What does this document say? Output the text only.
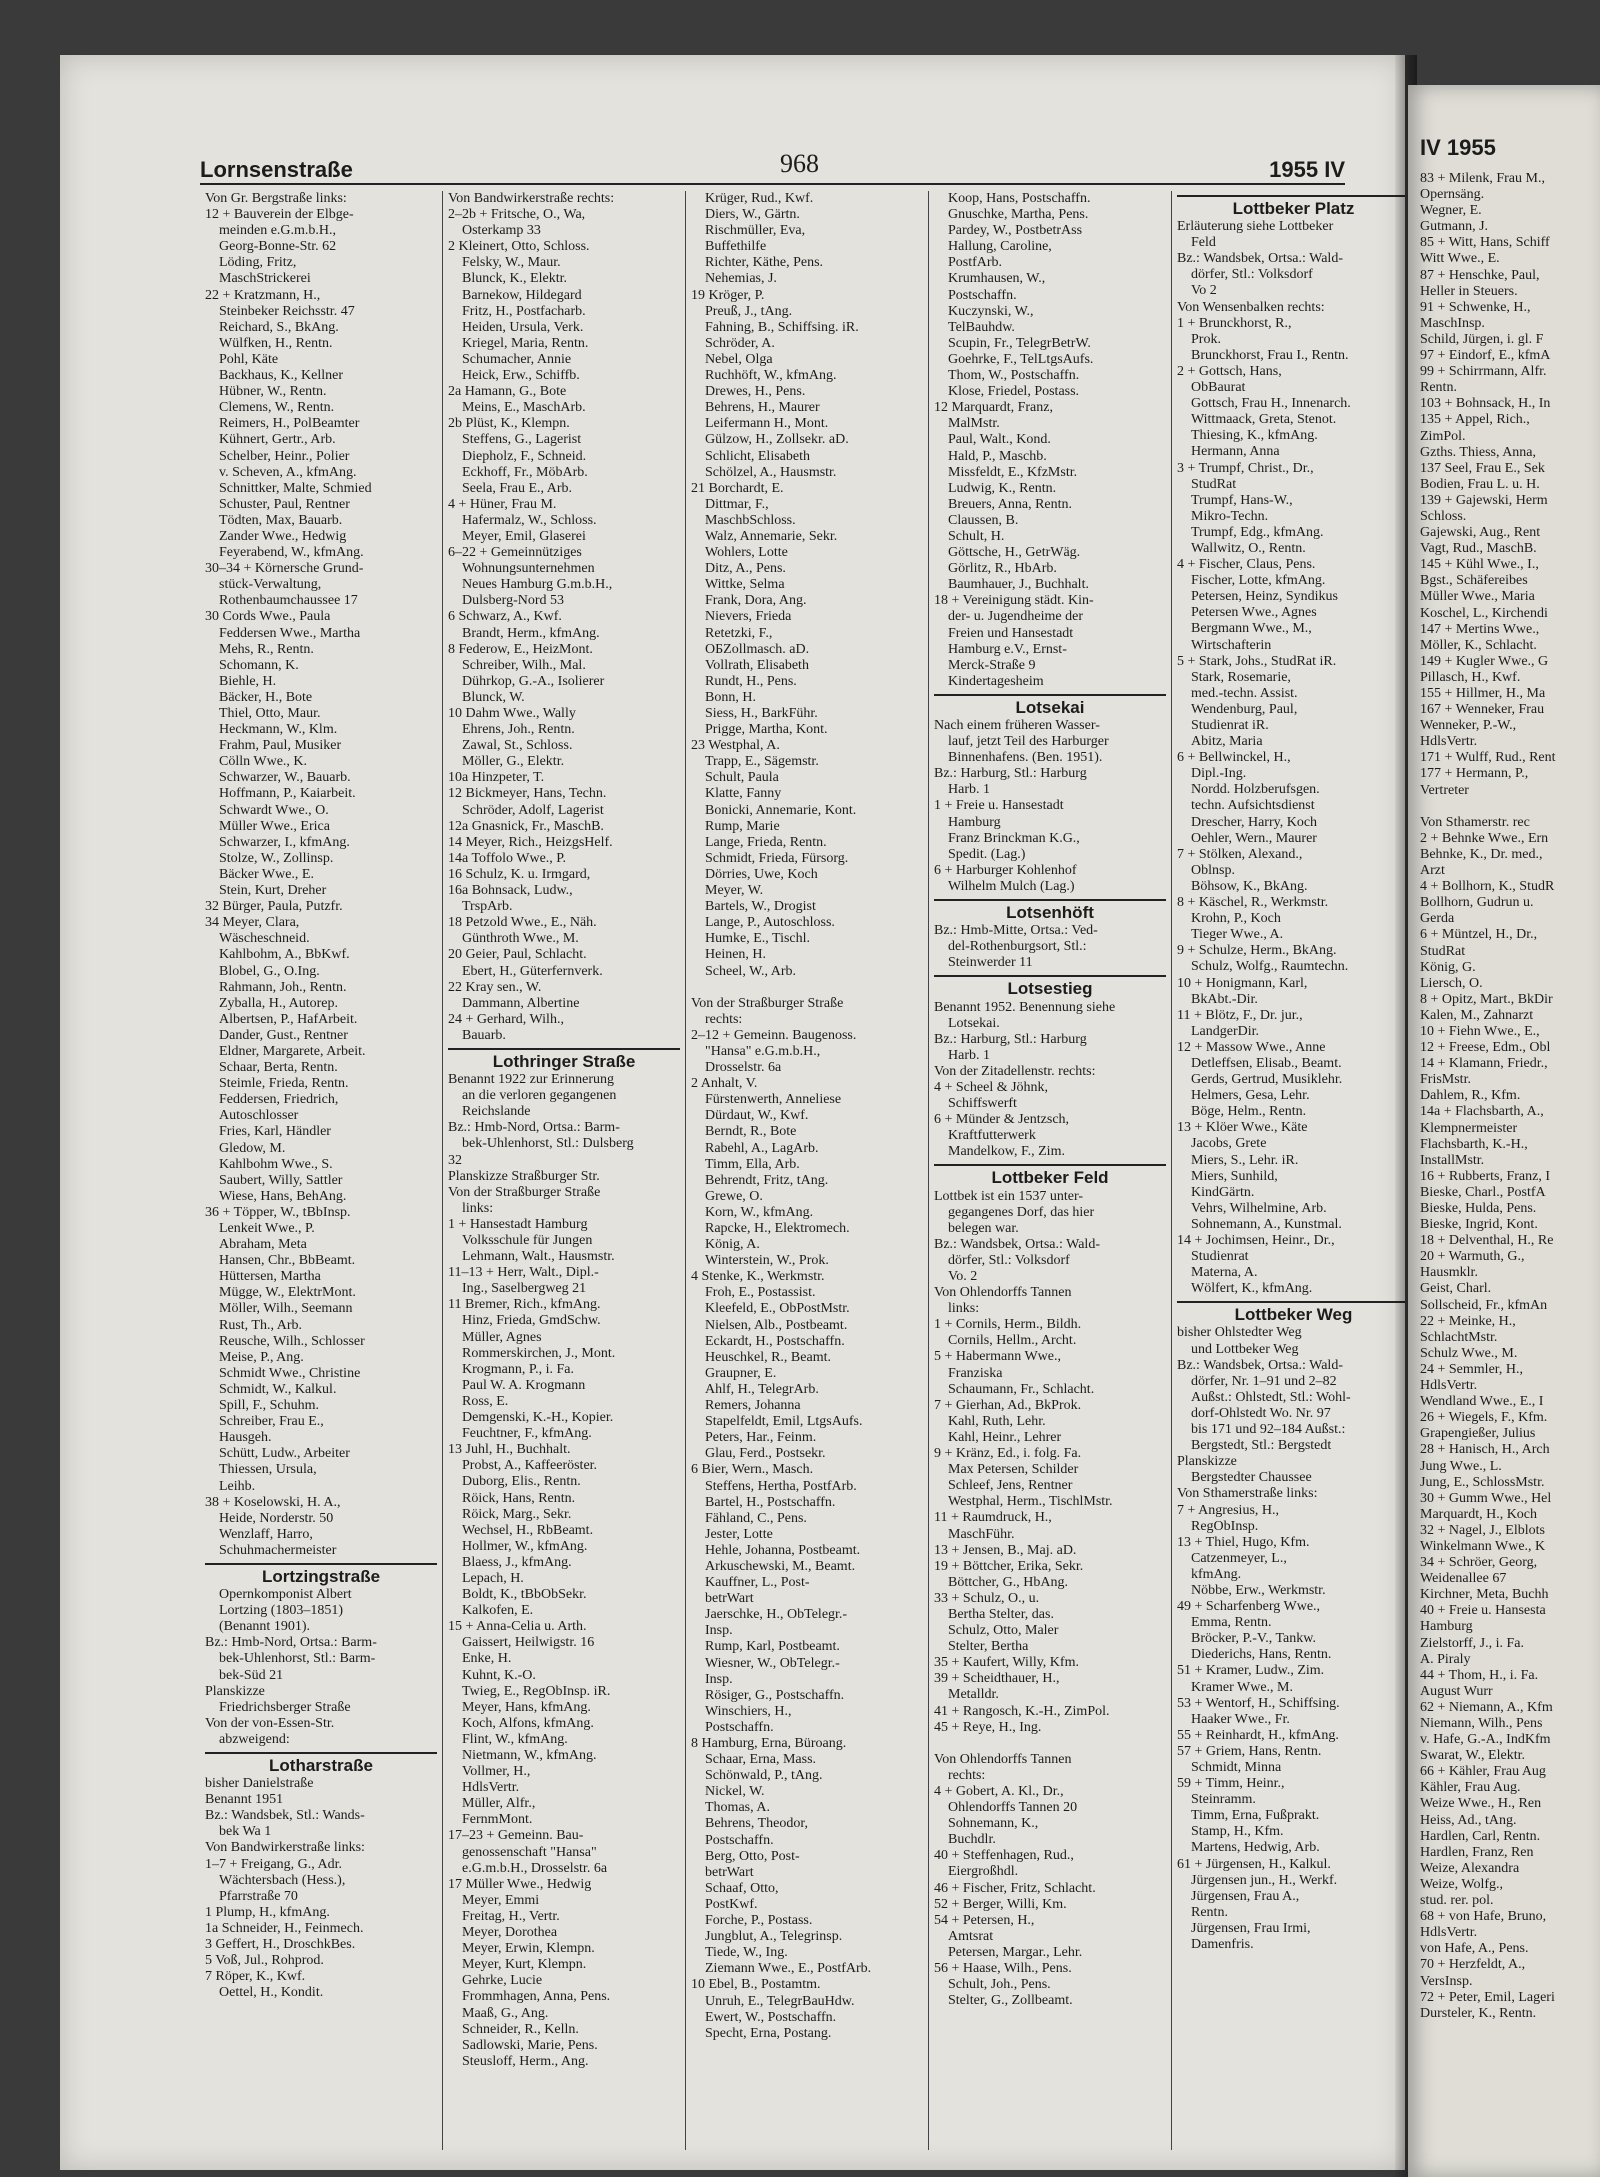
Lornsenstraße	968	1955 IV
Von Gr. Bergstraße links:
12 + Bauverein der Elbge-
meinden e.G.m.b.H.,
Georg-Bonne-Str. 62
Löding, Fritz,
MaschStrickerei
22 + Kratzmann, H.,
Steinbeker Reichsstr. 47
Reichard, S., BkAng.
Wülfken, H., Rentn.
Pohl, Käte
Backhaus, K., Kellner
Hübner, W., Rentn.
Clemens, W., Rentn.
Reimers, H., PolBeamter
Kühnert, Gertr., Arb.
Schelber, Heinr., Polier
v. Scheven, A., kfmAng.
Schnittker, Malte, Schmied
Schuster, Paul, Rentner
Tödten, Max, Bauarb.
Zander Wwe., Hedwig
Feyerabend, W., kfmAng.
30–34 + Körnersche Grund-
stück-Verwaltung,
Rothenbaumchaussee 17
30 Cords Wwe., Paula
Feddersen Wwe., Martha
Mehs, R., Rentn.
Schomann, K.
Biehle, H.
Bäcker, H., Bote
Thiel, Otto, Maur.
Heckmann, W., Klm.
Frahm, Paul, Musiker
Cölln Wwe., K.
Schwarzer, W., Bauarb.
Hoffmann, P., Kaiarbeit.
Schwardt Wwe., O.
Müller Wwe., Erica
Schwarzer, I., kfmAng.
Stolze, W., Zollinsp.
Bäcker Wwe., E.
Stein, Kurt, Dreher
32 Bürger, Paula, Putzfr.
34 Meyer, Clara,
Wäscheschneid.
Kahlbohm, A., BbKwf.
Blobel, G., O.Ing.
Rahmann, Joh., Rentn.
Zyballa, H., Autorep.
Albertsen, P., HafArbeit.
Dander, Gust., Rentner
Eldner, Margarete, Arbeit.
Schaar, Berta, Rentn.
Steimle, Frieda, Rentn.
Feddersen, Friedrich,
Autoschlosser
Fries, Karl, Händler
Gledow, M.
Kahlbohm Wwe., S.
Saubert, Willy, Sattler
Wiese, Hans, BehAng.
36 + Töpper, W., tBbInsp.
Lenkeit Wwe., P.
Abraham, Meta
Hansen, Chr., BbBeamt.
Hüttersen, Martha
Mügge, W., ElektrMont.
Möller, Wilh., Seemann
Rust, Th., Arb.
Reusche, Wilh., Schlosser
Meise, P., Ang.
Schmidt Wwe., Christine
Schmidt, W., Kalkul.
Spill, F., Schuhm.
Schreiber, Frau E.,
Hausgeh.
Schütt, Ludw., Arbeiter
Thiessen, Ursula,
Leihb.
38 + Koselowski, H. A.,
Heide, Norderstr. 50
Wenzlaff, Harro,
Schuhmachermeister
Lortzingstraße
Opernkomponist Albert
Lortzing (1803–1851)
(Benannt 1901).
Bz.: Hmb-Nord, Ortsa.: Barm-
bek-Uhlenhorst, Stl.: Barm-
bek-Süd 21
Planskizze
Friedrichsberger Straße
Von der von-Essen-Str.
abzweigend:
Lotharstraße
bisher Danielstraße
Benannt 1951
Bz.: Wandsbek, Stl.: Wands-
bek Wa 1
Von Bandwirkerstraße links:
1–7 + Freigang, G., Adr.
Wächtersbach (Hess.),
Pfarrstraße 70
1 Plump, H., kfmAng.
1a Schneider, H., Feinmech.
3 Geffert, H., DroschkBes.
5 Voß, Jul., Rohprod.
7 Röper, K., Kwf.
Oettel, H., Kondit.
Von Bandwirkerstraße rechts:
2–2b + Fritsche, O., Wa,
Osterkamp 33
2 Kleinert, Otto, Schloss.
Felsky, W., Maur.
Blunck, K., Elektr.
Barnekow, Hildegard
Fritz, H., Postfacharb.
Heiden, Ursula, Verk.
Kriegel, Maria, Rentn.
Schumacher, Annie
Heick, Erw., Schiffb.
2a Hamann, G., Bote
Meins, E., MaschArb.
2b Plüst, K., Klempn.
Steffens, G., Lagerist
Diepholz, F., Schneid.
Eckhoff, Fr., MöbArb.
Seela, Frau E., Arb.
4 + Hüner, Frau M.
Hafermalz, W., Schloss.
Meyer, Emil, Glaserei
6–22 + Gemeinnütziges
Wohnungsunternehmen
Neues Hamburg G.m.b.H.,
Dulsberg-Nord 53
6 Schwarz, A., Kwf.
Brandt, Herm., kfmAng.
8 Federow, E., HeizMont.
Schreiber, Wilh., Mal.
Dührkop, G.-A., Isolierer
Blunck, W.
10 Dahm Wwe., Wally
Ehrens, Joh., Rentn.
Zawal, St., Schloss.
Möller, G., Elektr.
10a Hinzpeter, T.
12 Bickmeyer, Hans, Techn.
Schröder, Adolf, Lagerist
12a Gnasnick, Fr., MaschB.
14 Meyer, Rich., HeizgsHelf.
14a Toffolo Wwe., P.
16 Schulz, K. u. Irmgard,
16a Bohnsack, Ludw.,
TrspArb.
18 Petzold Wwe., E., Näh.
Günthroth Wwe., M.
20 Geier, Paul, Schlacht.
Ebert, H., Güterfernverk.
22 Kray sen., W.
Dammann, Albertine
24 + Gerhard, Wilh.,
Bauarb.
Lothringer Straße
Benannt 1922 zur Erinnerung
an die verloren gegangenen
Reichslande
Bz.: Hmb-Nord, Ortsa.: Barm-
bek-Uhlenhorst, Stl.: Dulsberg
32
Planskizze Straßburger Str.
Von der Straßburger Straße
links:
1 + Hansestadt Hamburg
Volksschule für Jungen
Lehmann, Walt., Hausmstr.
11–13 + Herr, Walt., Dipl.-
Ing., Saselbergweg 21
11 Bremer, Rich., kfmAng.
Hinz, Frieda, GmdSchw.
Müller, Agnes
Rommerskirchen, J., Mont.
Krogmann, P., i. Fa.
Paul W. A. Krogmann
Ross, E.
Demgenski, K.-H., Kopier.
Feuchtner, F., kfmAng.
13 Juhl, H., Buchhalt.
Probst, A., Kaffeeröster.
Duborg, Elis., Rentn.
Röick, Hans, Rentn.
Röick, Marg., Sekr.
Wechsel, H., RbBeamt.
Hollmer, W., kfmAng.
Blaess, J., kfmAng.
Lepach, H.
Boldt, K., tBbObSekr.
Kalkofen, E.
15 + Anna-Celia u. Arth.
Gaissert, Heilwigstr. 16
Enke, H.
Kuhnt, K.-O.
Twieg, E., RegObInsp. iR.
Meyer, Hans, kfmAng.
Koch, Alfons, kfmAng.
Flint, W., kfmAng.
Nietmann, W., kfmAng.
Vollmer, H.,
HdlsVertr.
Müller, Alfr.,
FernmMont.
17–23 + Gemeinn. Bau-
genossenschaft "Hansa"
e.G.m.b.H., Drosselstr. 6a
17 Müller Wwe., Hedwig
Meyer, Emmi
Freitag, H., Vertr.
Meyer, Dorothea
Meyer, Erwin, Klempn.
Meyer, Kurt, Klempn.
Gehrke, Lucie
Frommhagen, Anna, Pens.
Maaß, G., Ang.
Schneider, R., Kelln.
Sadlowski, Marie, Pens.
Steusloff, Herm., Ang.
Krüger, Rud., Kwf.
Diers, W., Gärtn.
Rischmüller, Eva,
Buffethilfe
Richter, Käthe, Pens.
Nehemias, J.
19 Kröger, P.
Preuß, J., tAng.
Fahning, B., Schiffsing. iR.
Schröder, A.
Nebel, Olga
Ruchhöft, W., kfmAng.
Drewes, H., Pens.
Behrens, H., Maurer
Leifermann H., Mont.
Gülzow, H., Zollsekr. aD.
Schlicht, Elisabeth
Schölzel, A., Hausmstr.
21 Borchardt, E.
Dittmar, F.,
MaschbSchloss.
Walz, Annemarie, Sekr.
Wohlers, Lotte
Ditz, A., Pens.
Wittke, Selma
Frank, Dora, Ang.
Nievers, Frieda
Retetzki, F.,
OБZollmasch. aD.
Vollrath, Elisabeth
Rundt, H., Pens.
Bonn, H.
Siess, H., BarkFühr.
Prigge, Martha, Kont.
23 Westphal, A.
Trapp, E., Sägemstr.
Schult, Paula
Klatte, Fanny
Bonicki, Annemarie, Kont.
Rump, Marie
Lange, Frieda, Rentn.
Schmidt, Frieda, Fürsorg.
Dörries, Uwe, Koch
Meyer, W.
Bartels, W., Drogist
Lange, P., Autoschloss.
Humke, E., Tischl.
Heinen, H.
Scheel, W., Arb.

Von der Straßburger Straße
rechts:
2–12 + Gemeinn. Baugenoss.
"Hansa" e.G.m.b.H.,
Drosselstr. 6a
2 Anhalt, V.
Fürstenwerth, Anneliese
Dürdaut, W., Kwf.
Berndt, R., Bote
Rabehl, A., LagArb.
Timm, Ella, Arb.
Behrendt, Fritz, tAng.
Grewe, O.
Korn, W., kfmAng.
Rapcke, H., Elektromech.
König, A.
Winterstein, W., Prok.
4 Stenke, K., Werkmstr.
Froh, E., Postassist.
Kleefeld, E., ObPostMstr.
Nielsen, Alb., Postbeamt.
Eckardt, H., Postschaffn.
Heuschkel, R., Beamt.
Graupner, E.
Ahlf, H., TelegrArb.
Remers, Johanna
Stapelfeldt, Emil, LtgsAufs.
Peters, Har., Feinm.
Glau, Ferd., Postsekr.
6 Bier, Wern., Masch.
Steffens, Hertha, PostfArb.
Bartel, H., Postschaffn.
Fähland, C., Pens.
Jester, Lotte
Hehle, Johanna, Postbeamt.
Arkuschewski, M., Beamt.
Kauffner, L., Post-
betrWart
Jaerschke, H., ObTelegr.-
Insp.
Rump, Karl, Postbeamt.
Wiesner, W., ObTelegr.-
Insp.
Rösiger, G., Postschaffn.
Winschiers, H.,
Postschaffn.
8 Hamburg, Erna, Büroang.
Schaar, Erna, Mass.
Schönwald, P., tAng.
Nickel, W.
Thomas, A.
Behrens, Theodor,
Postschaffn.
Berg, Otto, Post-
betrWart
Schaaf, Otto,
PostKwf.
Forche, P., Postass.
Jungblut, A., Telegrinsp.
Tiede, W., Ing.
Ziemann Wwe., E., PostfArb.
10 Ebel, B., Postamtm.
Unruh, E., TelegrBauHdw.
Ewert, W., Postschaffn.
Specht, Erna, Postang.
Koop, Hans, Postschaffn.
Gnuschke, Martha, Pens.
Pardey, W., PostbetrAss
Hallung, Caroline,
PostfArb.
Krumhausen, W.,
Postschaffn.
Kuczynski, W.,
TelBauhdw.
Scupin, Fr., TelegrBetrW.
Goehrke, F., TelLtgsAufs.
Thom, W., Postschaffn.
Klose, Friedel, Postass.
12 Marquardt, Franz,
MalMstr.
Paul, Walt., Kond.
Hald, P., Maschb.
Missfeldt, E., KfzMstr.
Ludwig, K., Rentn.
Breuers, Anna, Rentn.
Claussen, B.
Schult, H.
Göttsche, H., GetrWäg.
Görlitz, R., HbArb.
Baumhauer, J., Buchhalt.
18 + Vereinigung städt. Kin-
der- u. Jugendheime der
Freien und Hansestadt
Hamburg e.V., Ernst-
Merck-Straße 9
Kindertagesheim
Lotsekai
Nach einem früheren Wasser-
lauf, jetzt Teil des Harburger
Binnenhafens. (Ben. 1951).
Bz.: Harburg, Stl.: Harburg
Harb. 1
1 + Freie u. Hansestadt
Hamburg
Franz Brinckman K.G.,
Spedit. (Lag.)
6 + Harburger Kohlenhof
Wilhelm Mulch (Lag.)
Lotsenhöft
Bz.: Hmb-Mitte, Ortsa.: Ved-
del-Rothenburgsort, Stl.:
Steinwerder 11
Lotsestieg
Benannt 1952. Benennung siehe
Lotsekai.
Bz.: Harburg, Stl.: Harburg
Harb. 1
Von der Zitadellenstr. rechts:
4 + Scheel & Jöhnk,
Schiffswerft
6 + Münder & Jentzsch,
Kraftfutterwerk
Mandelkow, F., Zim.
Lottbeker Feld
Lottbek ist ein 1537 unter-
gegangenes Dorf, das hier
belegen war.
Bz.: Wandsbek, Ortsa.: Wald-
dörfer, Stl.: Volksdorf
Vo. 2
Von Ohlendorffs Tannen
links:
1 + Cornils, Herm., Bildh.
Cornils, Hellm., Archt.
5 + Habermann Wwe.,
Franziska
Schaumann, Fr., Schlacht.
7 + Gierhan, Ad., BkProk.
Kahl, Ruth, Lehr.
Kahl, Heinr., Lehrer
9 + Kränz, Ed., i. folg. Fa.
Max Petersen, Schilder
Schleef, Jens, Rentner
Westphal, Herm., TischlMstr.
11 + Raumdruck, H.,
MaschFühr.
13 + Jensen, B., Maj. aD.
19 + Böttcher, Erika, Sekr.
Böttcher, G., HbAng.
33 + Schulz, O., u.
Bertha Stelter, das.
Schulz, Otto, Maler
Stelter, Bertha
35 + Kaufert, Willy, Kfm.
39 + Scheidthauer, H.,
Metalldr.
41 + Rangosch, K.-H., ZimPol.
45 + Reye, H., Ing.

Von Ohlendorffs Tannen
rechts:
4 + Gobert, A. Kl., Dr.,
Ohlendorffs Tannen 20
Sohnemann, K.,
Buchdlr.
40 + Steffenhagen, Rud.,
Eiergroßhdl.
46 + Fischer, Fritz, Schlacht.
52 + Berger, Willi, Km.
54 + Petersen, H.,
Amtsrat
Petersen, Margar., Lehr.
56 + Haase, Wilh., Pens.
Schult, Joh., Pens.
Stelter, G., Zollbeamt.
Lottbeker Platz
Erläuterung siehe Lottbeker
Feld
Bz.: Wandsbek, Ortsa.: Wald-
dörfer, Stl.: Volksdorf
Vo 2
Von Wensenbalken rechts:
1 + Brunckhorst, R.,
Prok.
Brunckhorst, Frau I., Rentn.
2 + Gottsch, Hans,
ObBaurat
Gottsch, Frau H., Innenarch.
Wittmaack, Greta, Stenot.
Thiesing, K., kfmAng.
Hermann, Anna
3 + Trumpf, Christ., Dr.,
StudRat
Trumpf, Hans-W.,
Mikro-Techn.
Trumpf, Edg., kfmAng.
Wallwitz, O., Rentn.
4 + Fischer, Claus, Pens.
Fischer, Lotte, kfmAng.
Petersen, Heinz, Syndikus
Petersen Wwe., Agnes
Bergmann Wwe., M.,
Wirtschafterin
5 + Stark, Johs., StudRat iR.
Stark, Rosemarie,
med.-techn. Assist.
Wendenburg, Paul,
Studienrat iR.
Abitz, Maria
6 + Bellwinckel, H.,
Dipl.-Ing.
Nordd. Holzberufsgen.
techn. Aufsichtsdienst
Drescher, Harry, Koch
Oehler, Wern., Maurer
7 + Stölken, Alexand.,
Oblnsp.
Böhsow, K., BkAng.
8 + Käschel, R., Werkmstr.
Krohn, P., Koch
Tieger Wwe., A.
9 + Schulze, Herm., BkAng.
Schulz, Wolfg., Raumtechn.
10 + Honigmann, Karl,
BkAbt.-Dir.
11 + Blötz, F., Dr. jur.,
LandgerDir.
12 + Massow Wwe., Anne
Detleffsen, Elisab., Beamt.
Gerds, Gertrud, Musiklehr.
Helmers, Gesa, Lehr.
Böge, Helm., Rentn.
13 + Klöer Wwe., Käte
Jacobs, Grete
Miers, S., Lehr. iR.
Miers, Sunhild,
KindGärtn.
Vehrs, Wilhelmine, Arb.
Sohnemann, A., Kunstmal.
14 + Jochimsen, Heinr., Dr.,
Studienrat
Materna, A.
Wölfert, K., kfmAng.
Lottbeker Weg
bisher Ohlstedter Weg
und Lottbeker Weg
Bz.: Wandsbek, Ortsa.: Wald-
dörfer, Nr. 1–91 und 2–82
Außst.: Ohlstedt, Stl.: Wohl-
dorf-Ohlstedt Wo. Nr. 97
bis 171 und 92–184 Außst.:
Bergstedt, Stl.: Bergstedt
Planskizze
Bergstedter Chaussee
Von Sthamerstraße links:
7 + Angresius, H.,
RegObInsp.
13 + Thiel, Hugo, Kfm.
Catzenmeyer, L.,
kfmAng.
Nöbbe, Erw., Werkmstr.
49 + Scharfenberg Wwe.,
Emma, Rentn.
Bröcker, P.-V., Tankw.
Diederichs, Hans, Rentn.
51 + Kramer, Ludw., Zim.
Kramer Wwe., M.
53 + Wentorf, H., Schiffsing.
Haaker Wwe., Fr.
55 + Reinhardt, H., kfmAng.
57 + Griem, Hans, Rentn.
Schmidt, Minna
59 + Timm, Heinr.,
Steinramm.
Timm, Erna, Fußprakt.
Stamp, H., Kfm.
Martens, Hedwig, Arb.
61 + Jürgensen, H., Kalkul.
Jürgensen jun., H., Werkf.
Jürgensen, Frau A.,
Rentn.
Jürgensen, Frau Irmi,
Damenfris.
IV 1955
83 + Milenk, Frau M.,
Opernsäng.
Wegner, E.
Gutmann, J.
85 + Witt, Hans, Schiff
Witt Wwe., E.
87 + Henschke, Paul,
Heller in Steuers.
91 + Schwenke, H.,
MaschInsp.
Schild, Jürgen, i. gl. F
97 + Eindorf, E., kfmA
99 + Schirrmann, Alfr.
Rentn.
103 + Bohnsack, H., In
135 + Appel, Rich.,
ZimPol.
Gzths. Thiess, Anna,
137 Seel, Frau E., Sek
Bodien, Frau L. u. H.
139 + Gajewski, Herm
Schloss.
Gajewski, Aug., Rent
Vagt, Rud., MaschB.
145 + Kühl Wwe., I.,
Bgst., Schäfereibes
Müller Wwe., Maria
Koschel, L., Kirchendi
147 + Mertins Wwe.,
Möller, K., Schlacht.
149 + Kugler Wwe., G
Pillasch, H., Kwf.
155 + Hillmer, H., Ma
167 + Wenneker, Frau
Wenneker, P.-W.,
HdlsVertr.
171 + Wulff, Rud., Rent
177 + Hermann, P.,
Vertreter

Von Sthamerstr. rec
2 + Behnke Wwe., Ern
Behnke, K., Dr. med.,
Arzt
4 + Bollhorn, K., StudR
Bollhorn, Gudrun u.
Gerda
6 + Müntzel, H., Dr.,
StudRat
König, G.
Liersch, O.
8 + Opitz, Mart., BkDir
Kalen, M., Zahnarzt
10 + Fiehn Wwe., E.,
12 + Freese, Edm., Obl
14 + Klamann, Friedr.,
FrisMstr.
Dahlem, R., Kfm.
14a + Flachsbarth, A.,
Klempnermeister
Flachsbarth, K.-H.,
InstallMstr.
16 + Rubberts, Franz, I
Bieske, Charl., PostfA
Bieske, Hulda, Pens.
Bieske, Ingrid, Kont.
18 + Delventhal, H., Re
20 + Warmuth, G.,
Hausmklr.
Geist, Charl.
Sollscheid, Fr., kfmAn
22 + Meinke, H.,
SchlachtMstr.
Schulz Wwe., M.
24 + Semmler, H.,
HdlsVertr.
Wendland Wwe., E., I
26 + Wiegels, F., Kfm.
Grapengießer, Julius
28 + Hanisch, H., Arch
Jung Wwe., L.
Jung, E., SchlossMstr.
30 + Gumm Wwe., Hel
Marquardt, H., Koch
32 + Nagel, J., Elblots
Winkelmann Wwe., K
34 + Schröer, Georg,
Weidenallee 67
Kirchner, Meta, Buchh
40 + Freie u. Hansesta
Hamburg
Zielstorff, J., i. Fa.
A. Piraly
44 + Thom, H., i. Fa.
August Wurr
62 + Niemann, A., Kfm
Niemann, Wilh., Pens
v. Hafe, G.-A., IndKfm
Swarat, W., Elektr.
66 + Kähler, Frau Aug
Kähler, Frau Aug.
Weize Wwe., H., Ren
Heiss, Ad., tAng.
Hardlen, Carl, Rentn.
Hardlen, Franz, Ren
Weize, Alexandra
Weize, Wolfg.,
stud. rer. pol.
68 + von Hafe, Bruno,
HdlsVertr.
von Hafe, A., Pens.
70 + Herzfeldt, A.,
VersInsp.
72 + Peter, Emil, Lageri
Dursteler, K., Rentn.
